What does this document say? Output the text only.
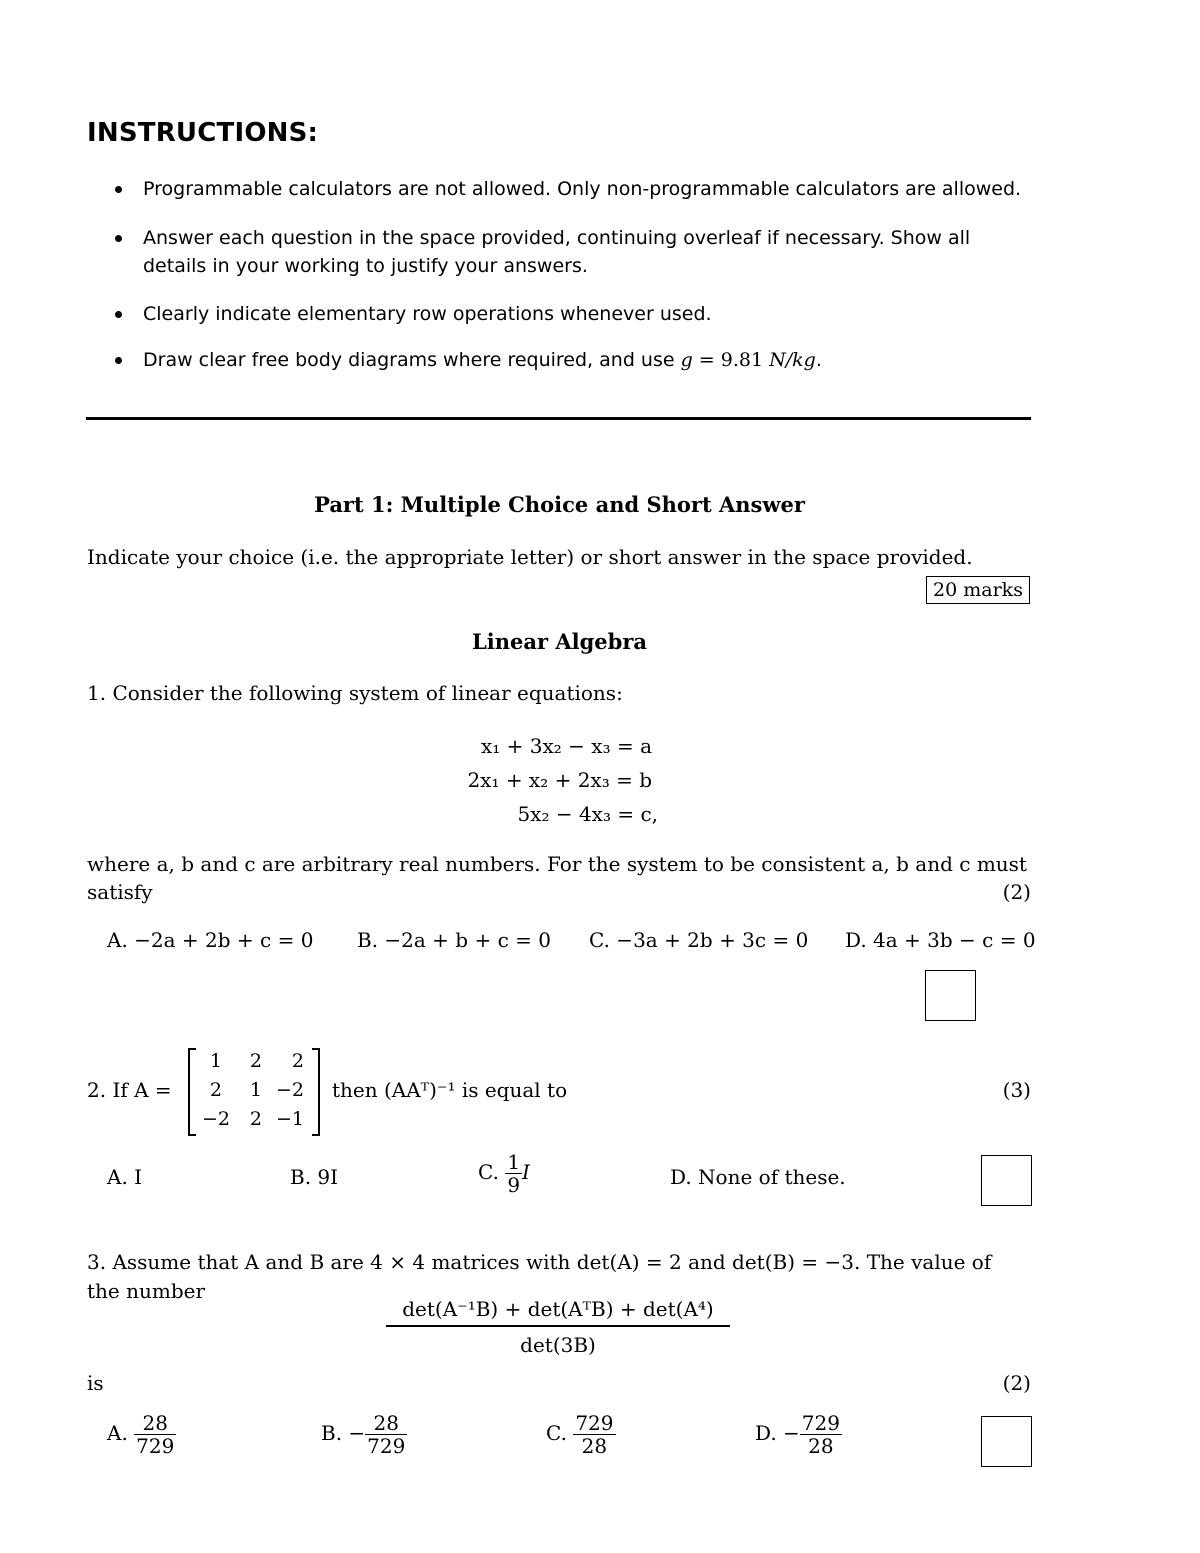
INSTRUCTIONS:
Programmable calculators are not allowed. Only non-programmable calculators are allowed.
Answer each question in the space provided, continuing overleaf if necessary. Show all details in your working to justify your answers.
Clearly indicate elementary row operations whenever used.
Draw clear free body diagrams where required, and use g = 9.81 N/kg.
Part 1: Multiple Choice and Short Answer
Indicate your choice (i.e. the appropriate letter) or short answer in the space provided.
20 marks
Linear Algebra
1. Consider the following system of linear equations:
x₁ + 3x₂ − x₃ = a
2x₁ + x₂ + 2x₃ = b
5x₂ − 4x₃ = c,
where a, b and c are arbitrary real numbers. For the system to be consistent a, b and c must
satisfy	(2)
A. −2a + 2b + c = 0 B. −2a + b + c = 0 C. −3a + 2b + 3c = 0 D. 4a + 3b − c = 0
2. If A =
1	2	2
2	1 −2
−2	2 −1
then (AAᵀ)⁻¹ is equal to	(3)
A. I	B. 9I	C. $\frac{1}{9}$ I	D. None of these.
3. Assume that A and B are 4 × 4 matrices with det(A) = 2 and det(B) = −3. The value of
the number
det(A⁻¹B) + det(AᵀB) + det(A⁴)
det(3B)
is	(2)
A. $\frac{28}{729}$	B. − $\frac{28}{729}$	C. $\frac{729}{28}$	D. − $\frac{729}{28}$
